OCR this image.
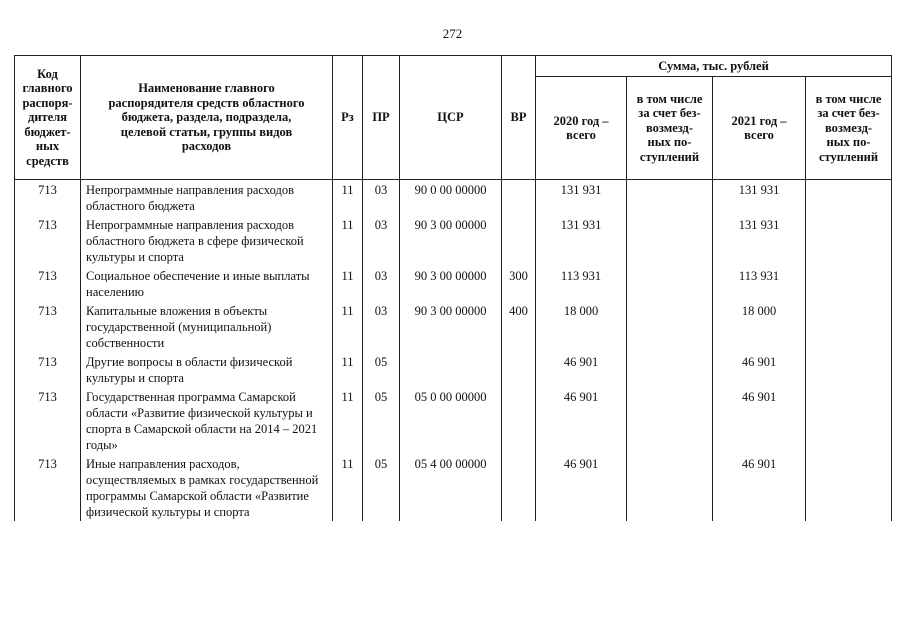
272
Код главного распоря-дителя бюджет-ных средств	Наименование главного распорядителя средств областного бюджета, раздела, подраздела, целевой статьи, группы видов расходов	Рз	ПР	ЦСР	ВР	Сумма, тыс. рублей			

						2020 год – всего	в том числе за счет без-возмезд-ных по-ступлений	2021 год – всего	в том числе за счет без-возмезд-ных по-ступлений

713	Непрограммные направления расходов областного бюджета	11	03	90 0 00 00000		131 931		131 931	
713	Непрограммные направления расходов областного бюджета в сфере физической культуры и спорта	11	03	90 3 00 00000		131 931		131 931	
713	Социальное обеспечение и иные выплаты населению	11	03	90 3 00 00000	300	113 931		113 931	
713	Капитальные вложения в объекты государственной (муниципальной) собственности	11	03	90 3 00 00000	400	18 000		18 000	
713	Другие вопросы в области физической культуры и спорта	11	05			46 901		46 901	
713	Государственная программа Самарской области «Развитие физической культуры и спорта в Самарской области на 2014 – 2021 годы»	11	05	05 0 00 00000		46 901		46 901	
713	Иные направления расходов, осуществляемых в рамках государственной программы Самарской области «Развитие физической культуры и спорта	11	05	05 4 00 00000		46 901		46 901	
